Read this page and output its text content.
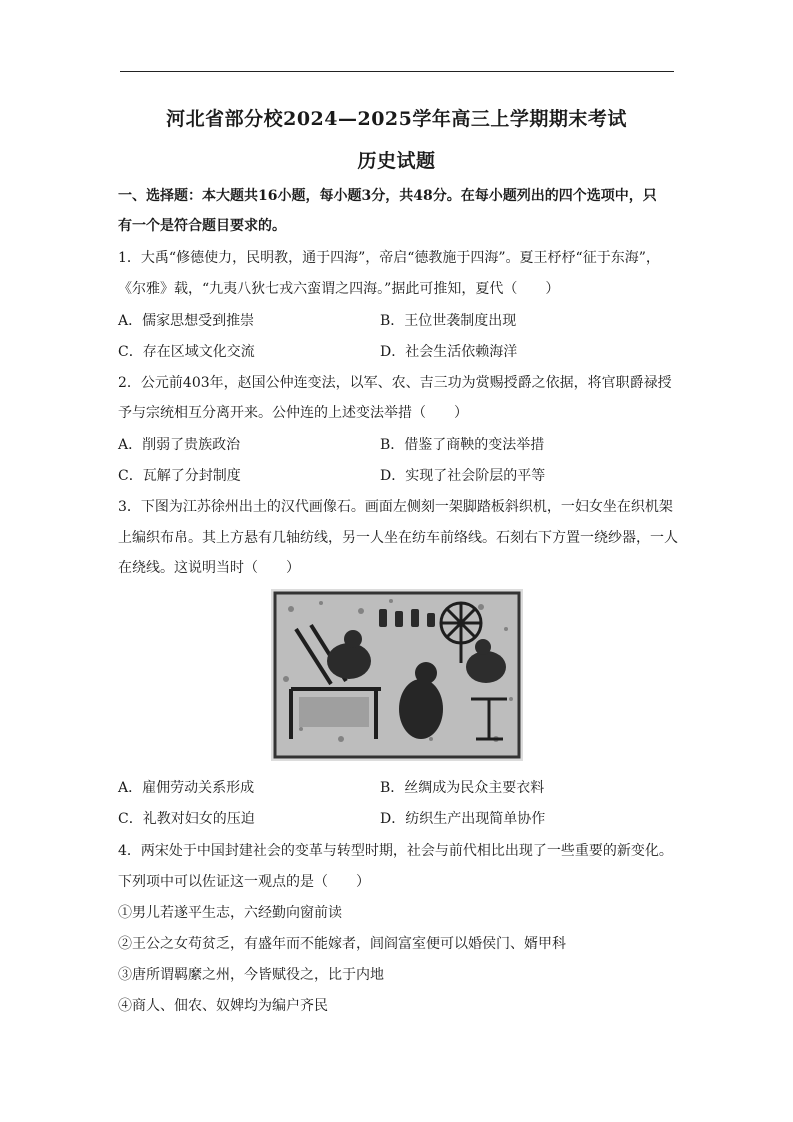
河北省部分校2024—2025学年高三上学期期末考试
历史试题
一、选择题：本大题共16小题，每小题3分，共48分。在每小题列出的四个选项中，只
有一个是符合题目要求的。
1．大禹“修德使力，民明教，通于四海”，帝启“德教施于四海”。夏王杼杼“征于东海”，
《尔雅》载，“九夷八狄七戎六蛮谓之四海。”据此可推知，夏代（　　）
A．儒家思想受到推崇	B．王位世袭制度出现
C．存在区域文化交流	D．社会生活依赖海洋
2．公元前403年，赵国公仲连变法，以军、农、吉三功为赏赐授爵之依据，将官职爵禄授
予与宗统相互分离开来。公仲连的上述变法举措（　　）
A．削弱了贵族政治	B．借鉴了商鞅的变法举措
C．瓦解了分封制度	D．实现了社会阶层的平等
3．下图为江苏徐州出土的汉代画像石。画面左侧刻一架脚踏板斜织机，一妇女坐在织机架
上编织布帛。其上方悬有几轴纺线，另一人坐在纺车前络线。石刻右下方置一绕纱器，一人
在绕线。这说明当时（　　）
A．雇佣劳动关系形成	B．丝绸成为民众主要衣料
C．礼教对妇女的压迫	D．纺织生产出现简单协作
4．两宋处于中国封建社会的变革与转型时期，社会与前代相比出现了一些重要的新变化。
下列项中可以佐证这一观点的是（　　）
①男儿若遂平生志，六经勤向窗前读
②王公之女苟贫乏，有盛年而不能嫁者，闾阎富室便可以婚侯门、婿甲科
③唐所谓羁縻之州，今皆赋役之，比于内地
④商人、佃农、奴婢均为编户齐民
